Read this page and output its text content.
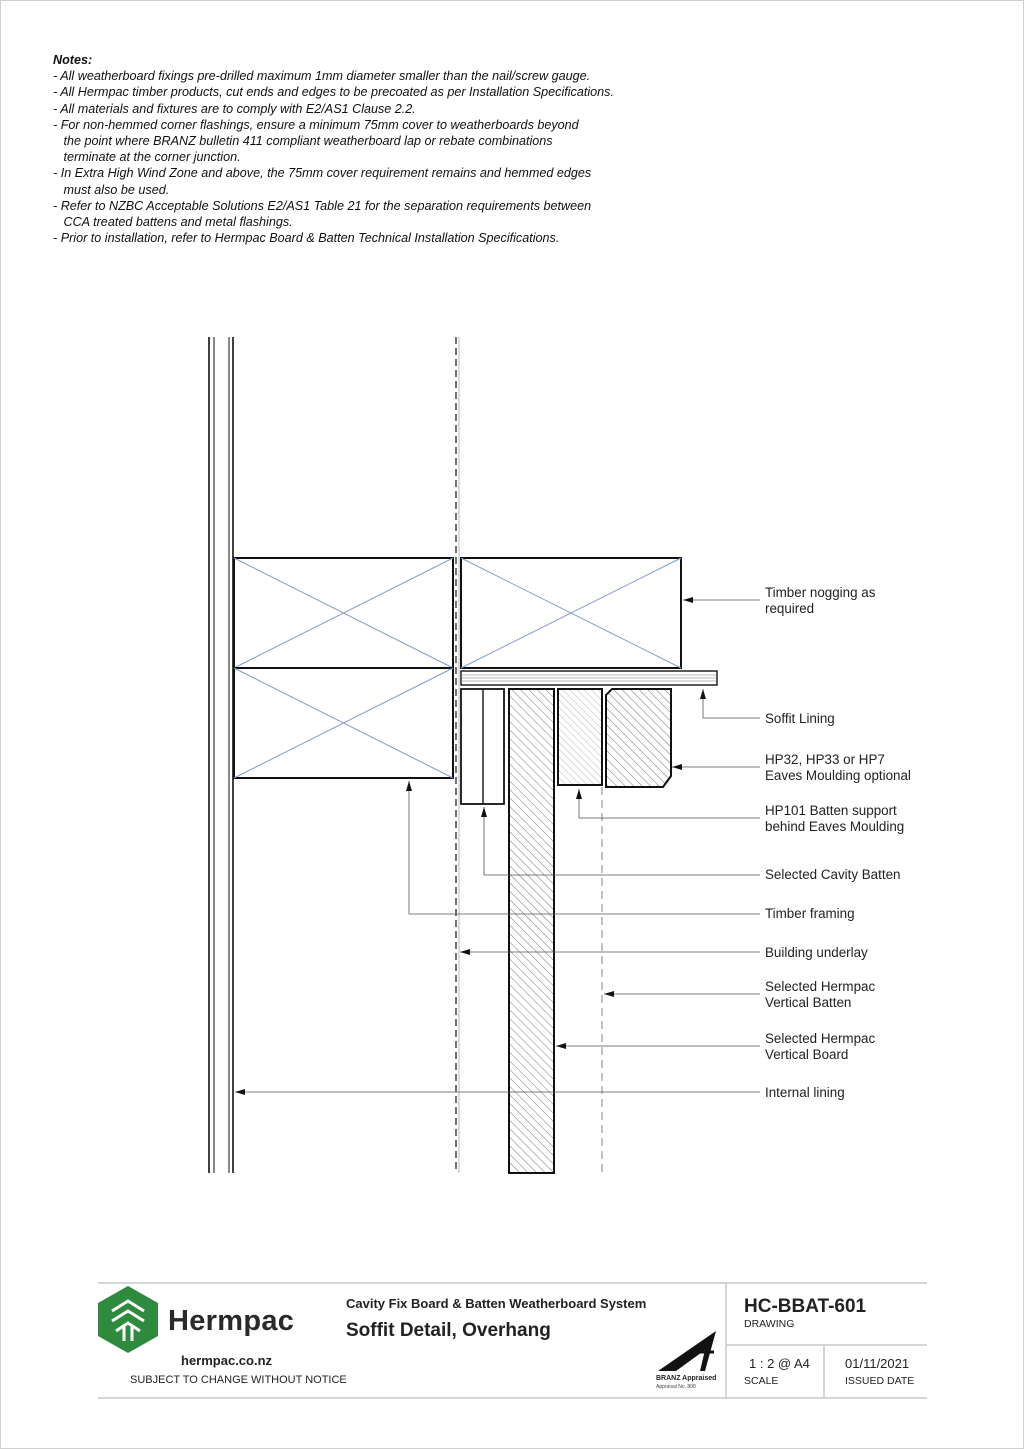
Notes:
- All weatherboard fixings pre-drilled maximum 1mm diameter smaller than the nail/screw gauge.
- All Hermpac timber products, cut ends and edges to be precoated as per Installation Specifications.
- All materials and fixtures are to comply with E2/AS1 Clause 2.2.
- For non-hemmed corner flashings, ensure a minimum 75mm cover to weatherboards beyond
the point where BRANZ bulletin 411 compliant weatherboard lap or rebate combinations
terminate at the corner junction.
- In Extra High Wind Zone and above, the 75mm cover requirement remains and hemmed edges
must also be used.
- Refer to NZBC Acceptable Solutions E2/AS1 Table 21 for the separation requirements between
CCA treated battens and metal flashings.
- Prior to installation, refer to Hermpac Board & Batten Technical Installation Specifications.
Timber nogging as
required
Soffit Lining
HP32, HP33 or HP7
Eaves Moulding optional
HP101 Batten support
behind Eaves Moulding
Selected Cavity Batten
Timber framing
Building underlay
Selected Hermpac
Vertical Batten
Selected Hermpac
Vertical Board
Internal lining
Hermpac
hermpac.co.nz
SUBJECT TO CHANGE WITHOUT NOTICE
Cavity Fix Board & Batten Weatherboard System
Soffit Detail, Overhang
HC-BBAT-601
DRAWING
1 : 2 @ A4
SCALE
01/11/2021
ISSUED DATE
BRANZ Appraised
Appraisal No. 808
